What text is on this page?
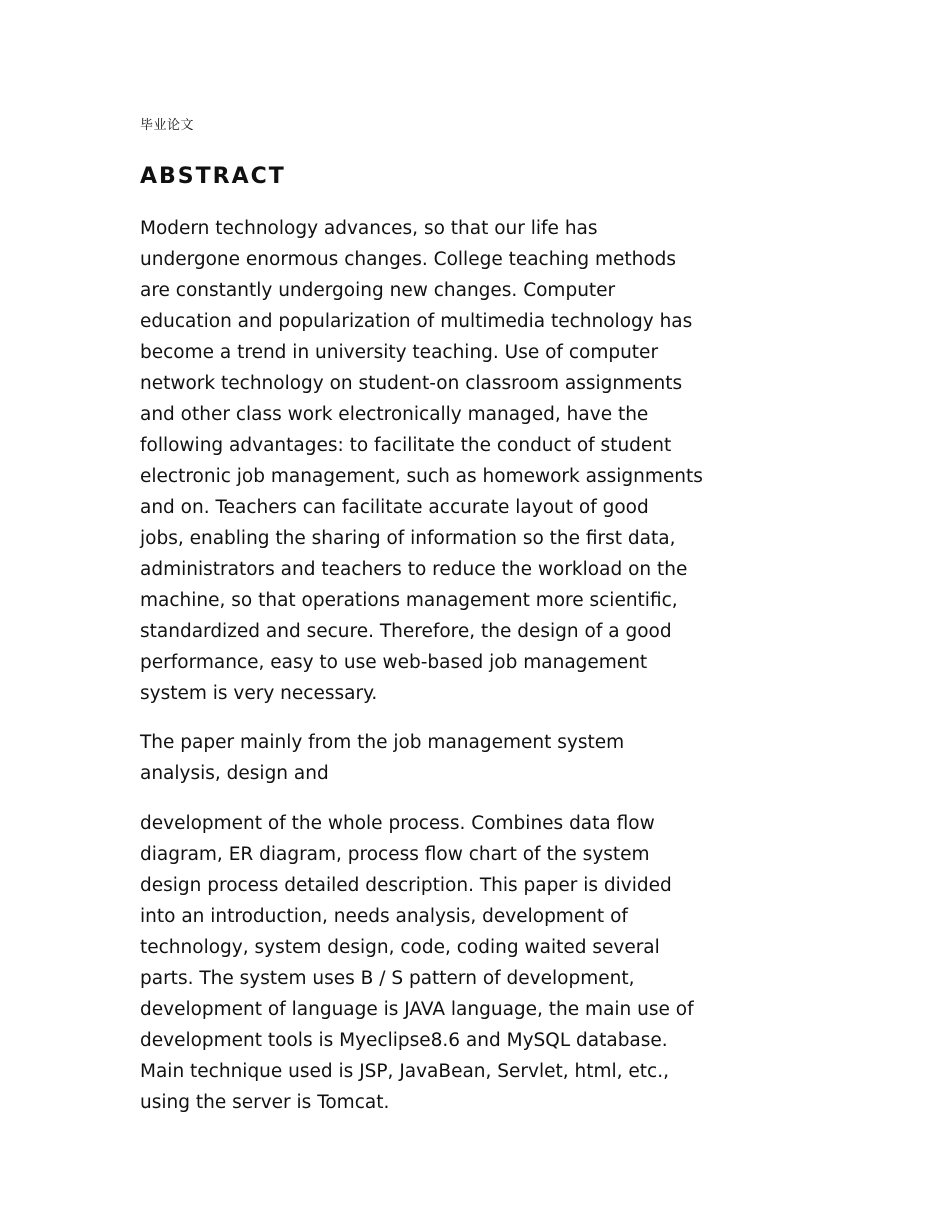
毕业论文
ABSTRACT
Modern technology advances, so that our life has
undergone enormous changes. College teaching methods
are constantly undergoing new changes. Computer
education and popularization of multimedia technology has
become a trend in university teaching. Use of computer
network technology on student-on classroom assignments
and other class work electronically managed, have the
following advantages: to facilitate the conduct of student
electronic job management, such as homework assignments
and on. Teachers can facilitate accurate layout of good
jobs, enabling the sharing of information so the first data,
administrators and teachers to reduce the workload on the
machine, so that operations management more scientific,
standardized and secure. Therefore, the design of a good
performance, easy to use web-based job management
system is very necessary.
The paper mainly from the job management system
analysis, design and
development of the whole process. Combines data flow
diagram, ER diagram, process flow chart of the system
design process detailed description. This paper is divided
into an introduction, needs analysis, development of
technology, system design, code, coding waited several
parts. The system uses B / S pattern of development,
development of language is JAVA language, the main use of
development tools is Myeclipse8.6 and MySQL database.
Main technique used is JSP, JavaBean, Servlet, html, etc.,
using the server is Tomcat.
